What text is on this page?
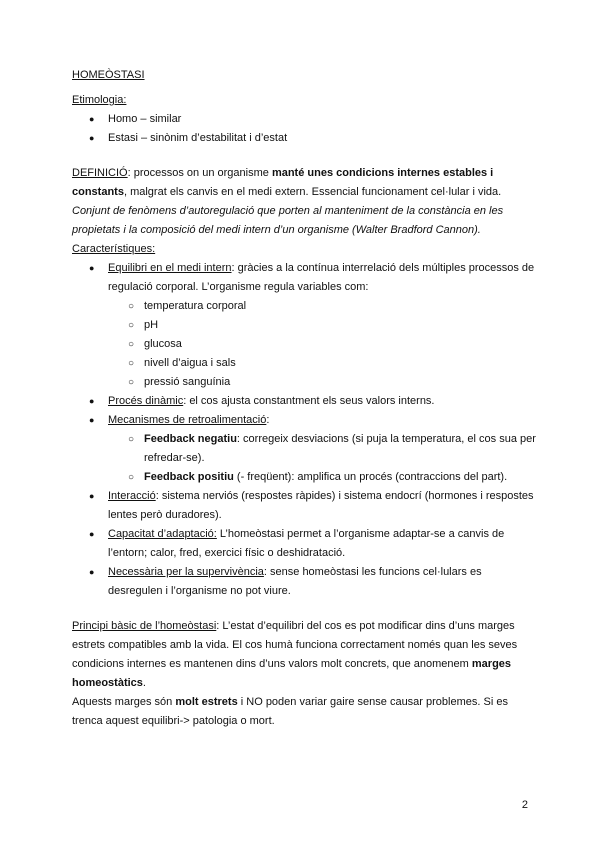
HOMEÒSTASI

Etimologia:

● Homo – similar
● Estasi – sinònim d’estabilitat i d’estat

DEFINICIÓ: processos on un organisme manté unes condicions internes estables i constants, malgrat els canvis en el medi extern. Essencial funcionament cel·lular i vida.

Conjunt de fenòmens d’autoregulació que porten al manteniment de la constància en les propietats i la composició del medi intern d’un organisme (Walter Bradford Cannon).

Característiques:

● Equilibri en el medi intern: gràcies a la contínua interrelació dels múltiples processos de regulació corporal. L’organisme regula variables com:
○ temperatura corporal
○ pH
○ glucosa
○ nivell d’aigua i sals
○ pressió sanguínia
● Procés dinàmic: el cos ajusta constantment els seus valors interns.
● Mecanismes de retroalimentació:
○ Feedback negatiu: corregeix desviacions (si puja la temperatura, el cos sua per refredar-se).
○ Feedback positiu (- freqüent): amplifica un procés (contraccions del part).
● Interacció: sistema nerviós (respostes ràpides) i sistema endocrí (hormones i respostes lentes però duradores).
● Capacitat d’adaptació: L’homeòstasi permet a l’organisme adaptar-se a canvis de l’entorn; calor, fred, exercici físic o deshidratació.
● Necessària per la supervivència: sense homeòstasi les funcions cel·lulars es desregulen i l’organisme no pot viure.

Principi bàsic de l’homeòstasi: L’estat d’equilibri del cos es pot modificar dins d’uns marges estrets compatibles amb la vida. El cos humà funciona correctament només quan les seves condicions internes es mantenen dins d’uns valors molt concrets, que anomenem marges homeostàtics.

Aquests marges són molt estrets i NO poden variar gaire sense causar problemes. Si es trenca aquest equilibri-> patologia o mort.

2
